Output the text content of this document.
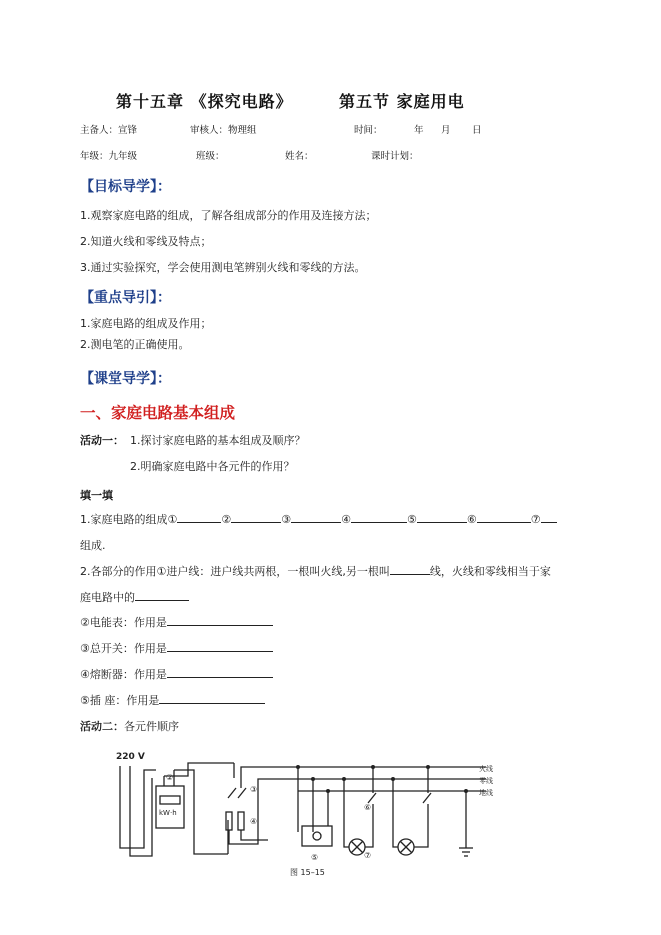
第十五章 《探究电路》	第五节 家庭用电
主备人：宣锋	审核人：物理组	时间：	年 月 日
年级：九年级	班级：	姓名：	课时计划：
【目标导学】：
1.观察家庭电路的组成，了解各组成部分的作用及连接方法；
2.知道火线和零线及特点；
3.通过实验探究，学会使用测电笔辨别火线和零线的方法。
【重点导引】：
1.家庭电路的组成及作用；
2.测电笔的正确使用。
【课堂导学】：
一、家庭电路基本组成
活动一： 1.探讨家庭电路的基本组成及顺序？
2.明确家庭电路中各元件的作用？
填一填
1.家庭电路的组成①	②	③	④	⑤	⑥	⑦
组成.
2.各部分的作用①进户线：进户线共两根，一根叫火线,另一根叫	线，火线和零线相当于家
庭电路中的
②电能表：作用是
③总开关：作用是
④熔断器：作用是
⑤插 座：作用是
活动二：各元件顺序
220 V
火线
零线
地线
kW·h
②
③
④
⑤
⑥
⑦
图 15–15
